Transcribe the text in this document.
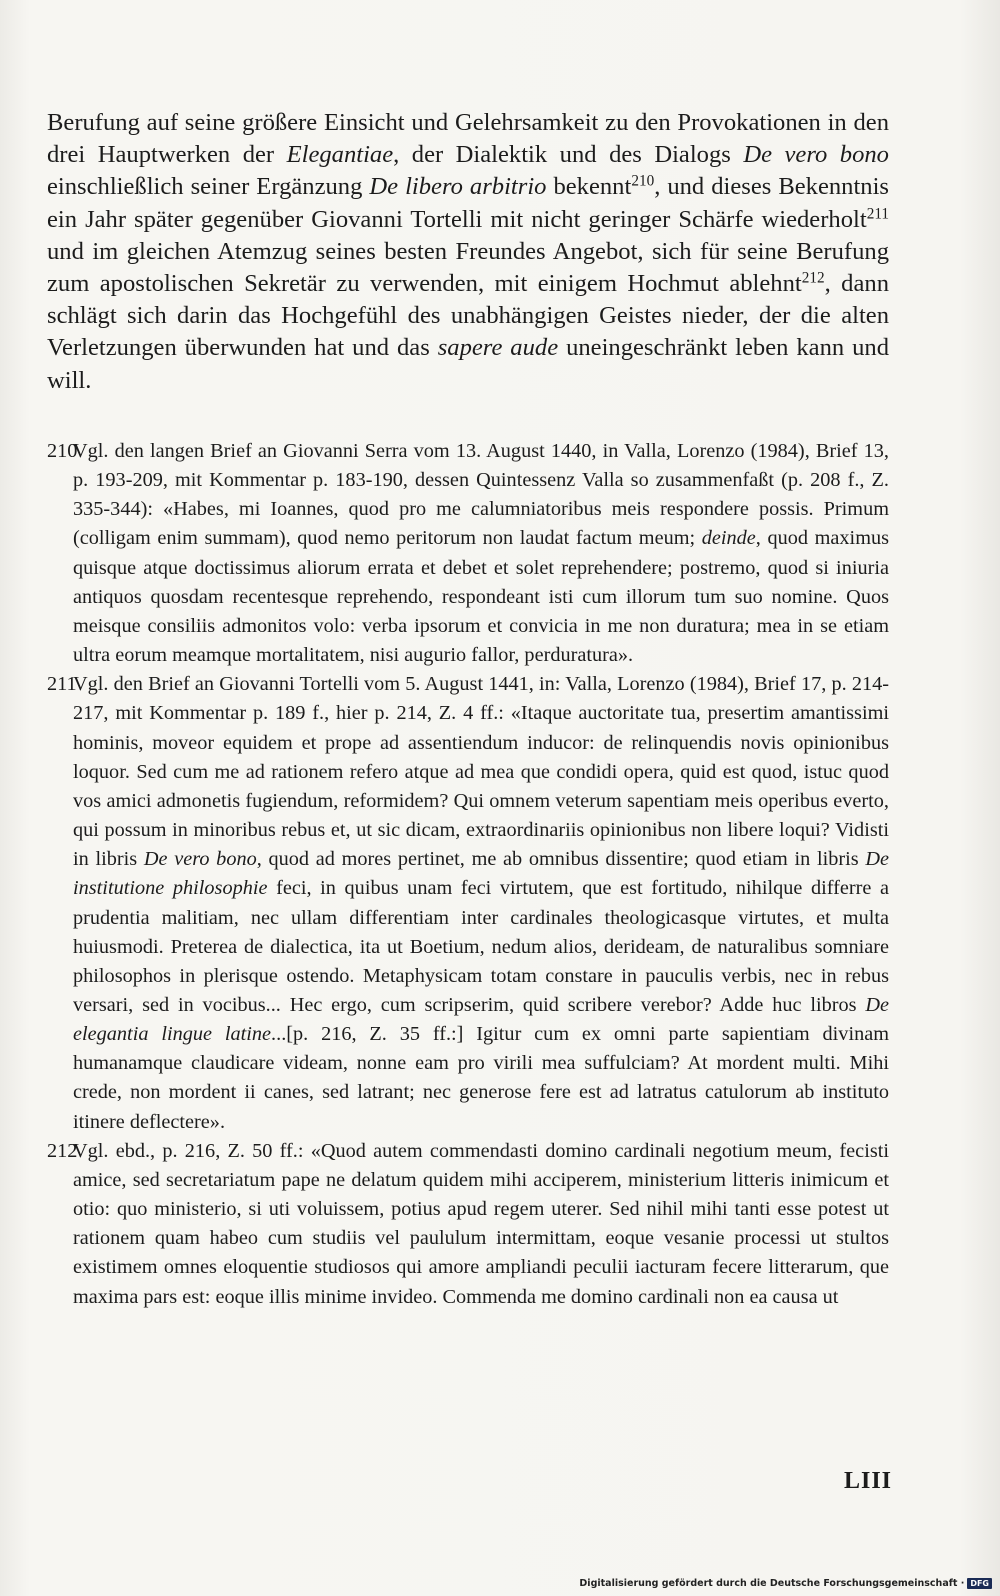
Berufung auf seine größere Einsicht und Gelehrsamkeit zu den Provokationen in den drei Hauptwerken der Elegantiae, der Dialektik und des Dialogs De vero bono einschließlich seiner Ergänzung De libero arbitrio bekennt$^{210}$, und dieses Bekenntnis ein Jahr später gegenüber Giovanni Tortelli mit nicht geringer Schärfe wiederholt$^{211}$ und im gleichen Atemzug seines besten Freundes Angebot, sich für seine Berufung zum apostolischen Sekretär zu verwenden, mit einigem Hochmut ablehnt$^{212}$, dann schlägt sich darin das Hochgefühl des unabhängigen Geistes nieder, der die alten Verletzungen überwunden hat und das sapere aude uneingeschränkt leben kann und will.

210Vgl. den langen Brief an Giovanni Serra vom 13. August 1440, in Valla, Lorenzo (1984), Brief 13, p. 193-209, mit Kommentar p. 183-190, dessen Quintessenz Valla so zusammenfaßt (p. 208 f., Z. 335-344): «Habes, mi Ioannes, quod pro me calumniatoribus meis respondere possis. Primum (colligam enim summam), quod nemo peritorum non laudat factum meum; deinde, quod maximus quisque atque doctissimus aliorum errata et debet et solet reprehendere; postremo, quod si iniuria antiquos quosdam recentesque reprehendo, respondeant isti cum illorum tum suo nomine. Quos meisque consiliis admonitos volo: verba ipsorum et convicia in me non duratura; mea in se etiam ultra eorum meamque mortalitatem, nisi augurio fallor, perduratura».

211Vgl. den Brief an Giovanni Tortelli vom 5. August 1441, in: Valla, Lorenzo (1984), Brief 17, p. 214-217, mit Kommentar p. 189 f., hier p. 214, Z. 4 ff.: «Itaque auctoritate tua, presertim amantissimi hominis, moveor equidem et prope ad assentiendum inducor: de relinquendis novis opinionibus loquor. Sed cum me ad rationem refero atque ad mea que condidi opera, quid est quod, istuc quod vos amici admonetis fugiendum, reformidem? Qui omnem veterum sapentiam meis operibus everto, qui possum in minoribus rebus et, ut sic dicam, extraordinariis opinionibus non libere loqui? Vidisti in libris De vero bono, quod ad mores pertinet, me ab omnibus dissentire; quod etiam in libris De institutione philosophie feci, in quibus unam feci virtutem, que est fortitudo, nihilque differre a prudentia malitiam, nec ullam differentiam inter cardinales theologicasque virtutes, et multa huiusmodi. Preterea de dialectica, ita ut Boetium, nedum alios, derideam, de naturalibus somniare philosophos in plerisque ostendo. Metaphysicam totam constare in pauculis verbis, nec in rebus versari, sed in vocibus... Hec ergo, cum scripserim, quid scribere verebor? Adde huc libros De elegantia lingue latine...[p. 216, Z. 35 ff.:] Igitur cum ex omni parte sapientiam divinam humanamque claudicare videam, nonne eam pro virili mea suffulciam? At mordent multi. Mihi crede, non mordent ii canes, sed latrant; nec generose fere est ad latratus catulorum ab instituto itinere deflectere».

212Vgl. ebd., p. 216, Z. 50 ff.: «Quod autem commendasti domino cardinali negotium meum, fecisti amice, sed secretariatum pape ne delatum quidem mihi acciperem, ministerium litteris inimicum et otio: quo ministerio, si uti voluissem, potius apud regem uterer. Sed nihil mihi tanti esse potest ut rationem quam habeo cum studiis vel paululum intermittam, eoque vesanie processi ut stultos existimem omnes eloquentie studiosos qui amore ampliandi peculii iacturam fecere litterarum, que maxima pars est: eoque illis minime invideo. Commenda me domino cardinali non ea causa ut

LIII

Digitalisierung gefördert durch die Deutsche Forschungsgemeinschaft · DFG
